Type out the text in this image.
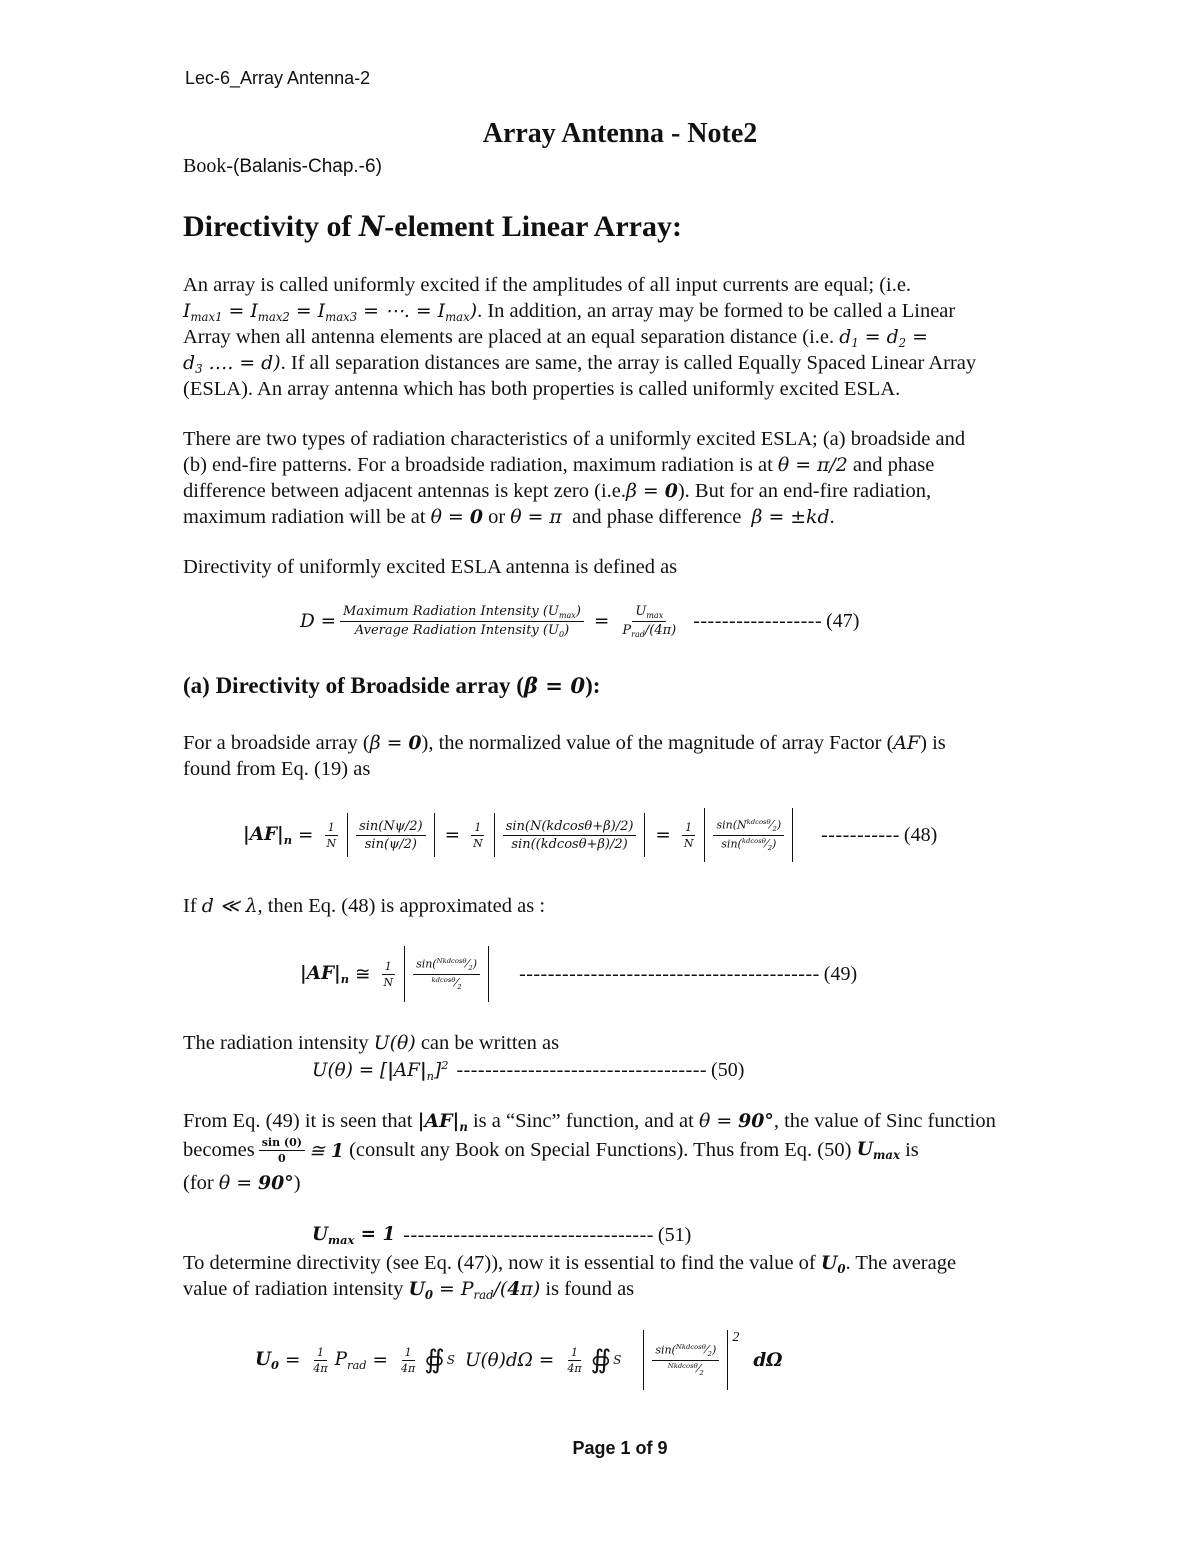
Lec-6_Array Antenna-2
Array Antenna - Note2
Book-(Balanis-Chap.-6)
Directivity of N-element Linear Array:
An array is called uniformly excited if the amplitudes of all input currents are equal; (i.e.
$I_{max1} = I_{max2} = I_{max3}$ = ⋯. = $I_{max}$). In addition, an array may be formed to be called a Linear
Array when all antenna elements are placed at an equal separation distance (i.e. $d_1 = d_2$ =
$d_3$ …. = d). If all separation distances are same, the array is called Equally Spaced Linear Array
(ESLA). An array antenna which has both properties is called uniformly excited ESLA.
There are two types of radiation characteristics of a uniformly excited ESLA; (a) broadside and
(b) end-fire patterns. For a broadside radiation, maximum radiation is at θ = π/2 and phase
difference between adjacent antennas is kept zero (i.e.β = 0). But for an end-fire radiation,
maximum radiation will be at θ = 0 or θ = π and phase difference β = ±kd.
Directivity of uniformly excited ESLA antenna is defined as
$D = \frac{Maximum Radiation Intensity (U_{max})}{Average Radiation Intensity (U_0)} = \frac{U_{max}}{P_{rad}/(4\pi)}$ ------------------ (47)
(a) Directivity of Broadside array (β = 0):
For a broadside array (β = 0), the normalized value of the magnitude of array Factor (AF) is
found from Eq. (19) as
$|AF|_n = \frac{1}{N} \frac{\sin(N\psi/2)}{\sin(\psi/2)} = \frac{1}{N} \frac{\sin(N(kdcos\theta+\beta)/2)}{\sin((kdcos\theta+\beta)/2)} = \frac{1}{N} \frac{\sin(N^{kdcos\theta}⁄_2)}{\sin(^{kdcos\theta}⁄_2)}$ ----------- (48)
If d ≪ λ, then Eq. (48) is approximated as :
$|AF|_n$ ≅ $\frac{1}{N} \frac{\sin(^{Nkdcos\theta}⁄_2)}{^{kdcos\theta}⁄_2}$ ------------------------------------------ (49)
The radiation intensity U(θ) can be written as
$U(\theta) = [|AF|_n]^2$ ----------------------------------- (50)
From Eq. (49) it is seen that $|AF|_n$ is a “Sinc” function, and at θ = 90°, the value of Sinc function
becomes $\frac{\sin (0)}{0}$ ≅ 1
(consult any Book on Special Functions). Thus from Eq. (50)
$U_{max}$
is
(for θ = 90°)
$U_{max} = 1$ ----------------------------------- (51)
To determine directivity (see Eq. (47)), now it is essential to find the value of $U_0$. The average
value of radiation intensity $U_0 = P_{rad}/(4\pi)$ is found as
$U_0 = \frac{1}{4\pi} P_{rad} = \frac{1}{4\pi}$ ∯ S $U(\theta)d\Omega = \frac{1}{4\pi}$ ∯ S	$\frac{\sin(^{Nkdcos\theta}⁄_2)}{^{Nkdcos\theta}⁄_2}$
$^2$
dΩ
Page 1 of 9
